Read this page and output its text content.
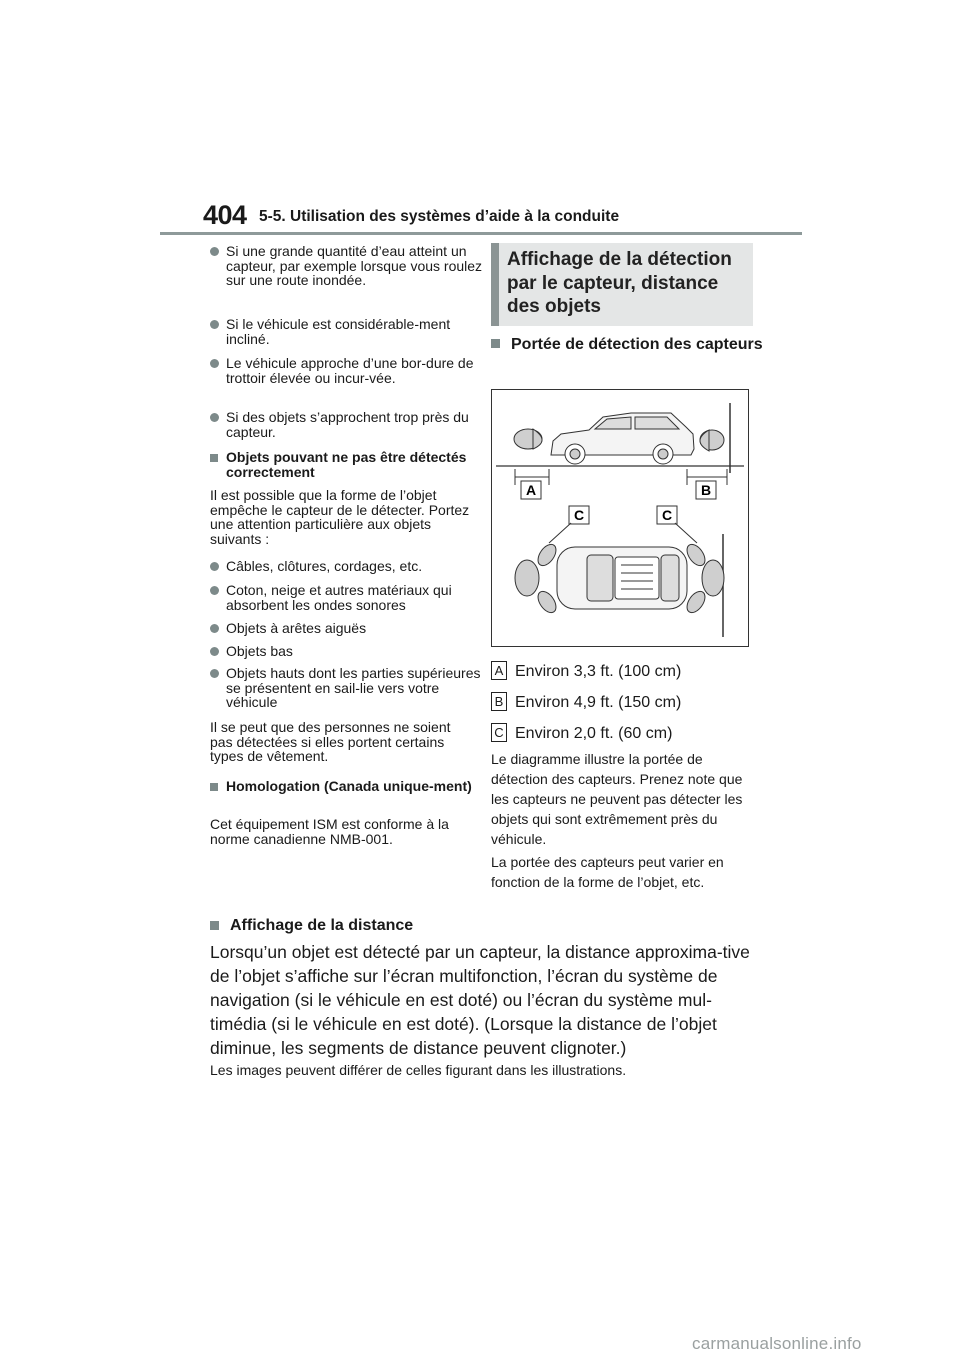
404 5-5. Utilisation des systèmes d’aide à la conduite
Si une grande quantité d’eau atteint un capteur, par exemple lorsque vous roulez sur une route inondée.
Si le véhicule est considérable-ment incliné.
Le véhicule approche d’une bor-dure de trottoir élevée ou incur-vée.
Si des objets s’approchent trop près du capteur.
Objets pouvant ne pas être détectés correctement
Il est possible que la forme de l’objet empêche le capteur de le détecter. Portez une attention particulière aux objets suivants :
Câbles, clôtures, cordages, etc.
Coton, neige et autres matériaux qui absorbent les ondes sonores
Objets à arêtes aiguës
Objets bas
Objets hauts dont les parties supérieures se présentent en sail-lie vers votre véhicule
Il se peut que des personnes ne soient pas détectées si elles portent certains types de vêtement.
Homologation (Canada unique-ment)
Cet équipement ISM est conforme à la norme canadienne NMB-001.
Affichage de la détection par le capteur, distance des objets
Portée de détection des capteurs
A	B
C	C
A Environ 3,3 ft. (100 cm)
B Environ 4,9 ft. (150 cm)
C Environ 2,0 ft. (60 cm)
Le diagramme illustre la portée de détection des capteurs. Prenez note que les capteurs ne peuvent pas détecter les objets qui sont extrêmement près du véhicule.
La portée des capteurs peut varier en fonction de la forme de l’objet, etc.
Affichage de la distance
Lorsqu’un objet est détecté par un capteur, la distance approxima-tive de l’objet s’affiche sur l’écran multifonction, l’écran du système de navigation (si le véhicule en est doté) ou l’écran du système mul-timédia (si le véhicule en est doté). (Lorsque la distance de l’objet diminue, les segments de distance peuvent clignoter.)
Les images peuvent différer de celles figurant dans les illustrations.
carmanualsonline.info
